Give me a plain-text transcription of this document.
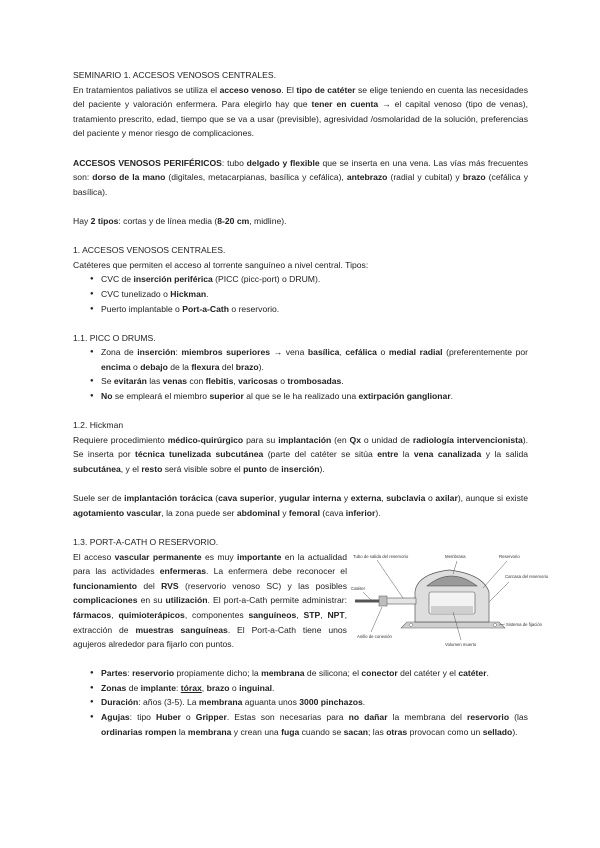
SEMINARIO 1. ACCESOS VENOSOS CENTRALES.

En tratamientos paliativos se utiliza el acceso venoso. El tipo de catéter se elige teniendo en cuenta las necesidades del paciente y valoración enfermera. Para elegirlo hay que tener en cuenta → el capital venoso (tipo de venas), tratamiento prescrito, edad, tiempo que se va a usar (previsible), agresividad /osmolaridad de la solución, preferencias del paciente y menor riesgo de complicaciones.

ACCESOS VENOSOS PERIFÉRICOS: tubo delgado y flexible que se inserta en una vena. Las vías más frecuentes son: dorso de la mano (digitales, metacarpianas, basílica y cefálica), antebrazo (radial y cubital) y brazo (cefálica y basílica).

Hay 2 tipos: cortas y de línea media (8-20 cm, midline).

1. ACCESOS VENOSOS CENTRALES.

Catéteres que permiten el acceso al torrente sanguíneo a nivel central. Tipos:

● CVC de inserción periférica (PICC (picc-port) o DRUM).
● CVC tunelizado o Hickman.
● Puerto implantable o Port-a-Cath o reservorio.

1.1. PICC O DRUMS.

● Zona de inserción: miembros superiores → vena basílica, cefálica o medial radial (preferentemente por encima o debajo de la flexura del brazo).
● Se evitarán las venas con flebitis, varicosas o trombosadas.
● No se empleará el miembro superior al que se le ha realizado una extirpación ganglionar.

1.2. Hickman

Requiere procedimiento médico-quirúrgico para su implantación (en Qx o unidad de radiología intervencionista). Se inserta por técnica tunelizada subcutánea (parte del catéter se sitúa entre la vena canalizada y la salida subcutánea, y el resto será visible sobre el punto de inserción).

Suele ser de implantación torácica (cava superior, yugular interna y externa, subclavia o axilar), aunque si existe agotamiento vascular, la zona puede ser abdominal y femoral (cava inferior).

1.3. PORT-A-CATH O RESERVORIO.

El acceso vascular permanente es muy importante en la actualidad para las actividades enfermeras. La enfermera debe reconocer el funcionamiento del RVS (reservorio venoso SC) y las posibles complicaciones en su utilización. El port-a-Cath permite administrar: fármacos, quimioterápicos, componentes sanguíneos, STP, NPT, extracción de muestras sanguíneas. El Port-a-Cath tiene unos agujeros alrededor para fijarlo con puntos.

Tubo de salida del reservorio	Membrana	Reservorio
Catéter
Carcasa del reservorio
Anillo de conexión
Volumen muerto
Sistema de fijación
● Partes: reservorio propiamente dicho; la membrana de silicona; el conector del catéter y el catéter.
● Zonas de implante: tórax, brazo o inguinal.
● Duración: años (3-5). La membrana aguanta unos 3000 pinchazos.
● Agujas: tipo Huber o Gripper. Estas son necesarias para no dañar la membrana del reservorio (las ordinarias rompen la membrana y crean una fuga cuando se sacan; las otras provocan como un sellado).
